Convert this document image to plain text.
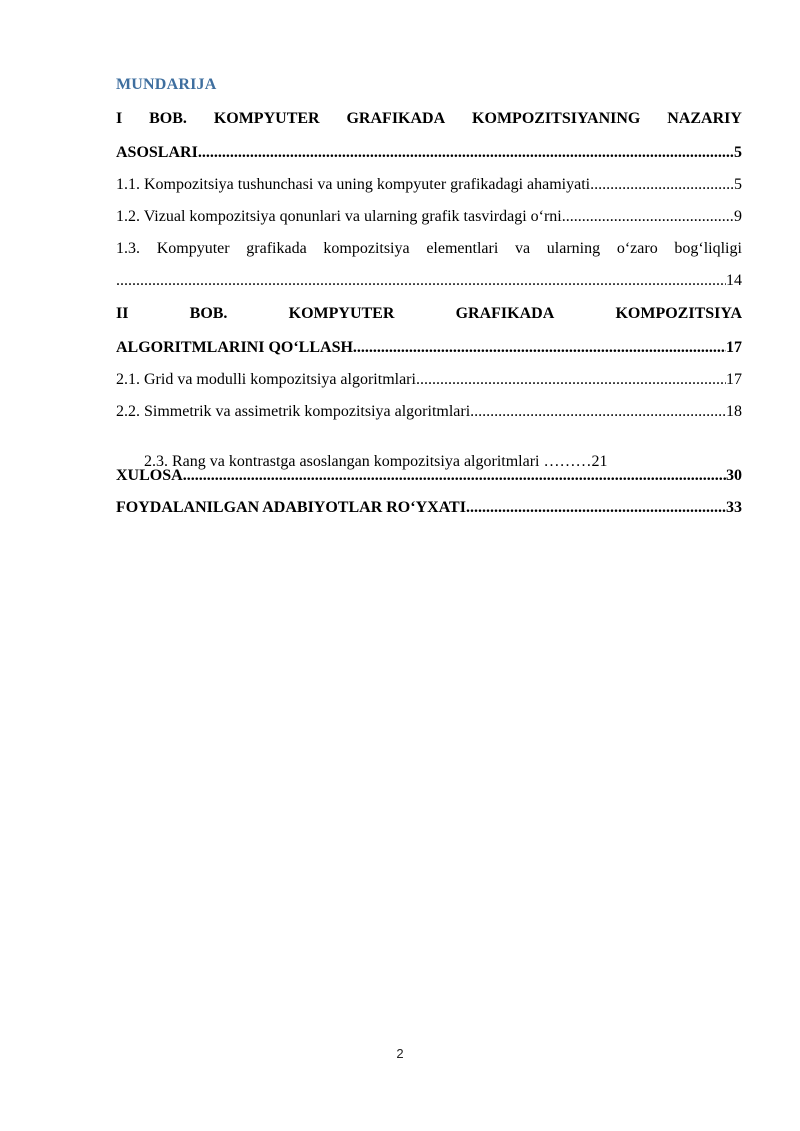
MUNDARIJA
I BOB. KOMPYUTER GRAFIKADA KOMPOZITSIYANING NAZARIY
ASOSLARI .....	5
1.1. Kompozitsiya tushunchasi va uning kompyuter grafikadagi ahamiyati .....	5
1.2. Vizual kompozitsiya qonunlari va ularning grafik tasvirdagi o‘rni .....	9
1.3. Kompyuter grafikada kompozitsiya elementlari va ularning o‘zaro bog‘liqligi
.....
14
II	BOB.	KOMPYUTER	GRAFIKADA	KOMPOZITSIYA
ALGORITMLARINI QO‘LLASH .....	17
2.1. Grid va modulli kompozitsiya algoritmlari .....	17
2.2. Simmetrik va assimetrik kompozitsiya algoritmlari .....	18

2.3. Rang va kontrastga asoslangan kompozitsiya algoritmlari ………21

XULOSA .....	30
FOYDALANILGAN ADABIYOTLAR RO‘YXATI .....	33
2
